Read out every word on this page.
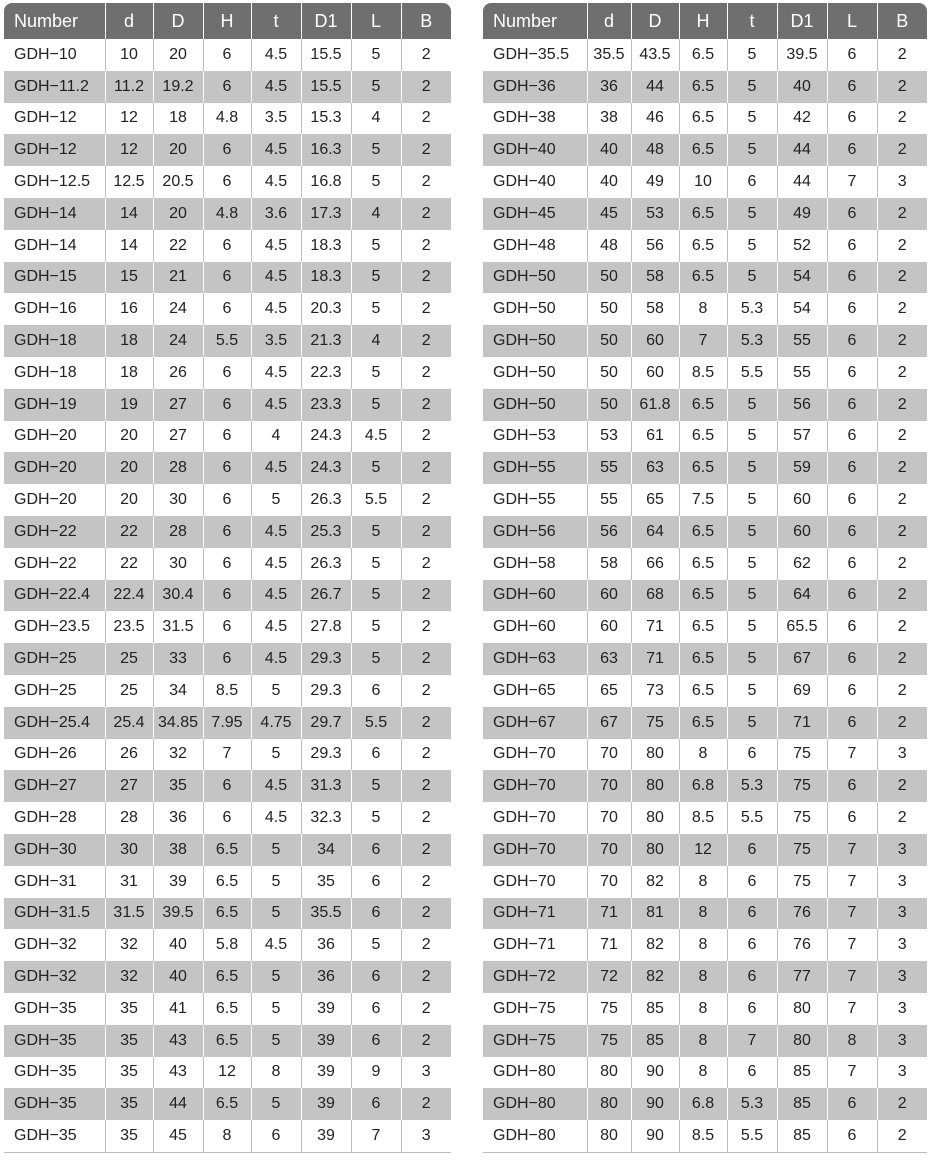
Number	d	D	H	t	D1	L	B
GDH−10	10	20	6	4.5	15.5	5	2
GDH−11.2	11.2	19.2	6	4.5	15.5	5	2
GDH−12	12	18	4.8	3.5	15.3	4	2
GDH−12	12	20	6	4.5	16.3	5	2
GDH−12.5	12.5	20.5	6	4.5	16.8	5	2
GDH−14	14	20	4.8	3.6	17.3	4	2
GDH−14	14	22	6	4.5	18.3	5	2
GDH−15	15	21	6	4.5	18.3	5	2
GDH−16	16	24	6	4.5	20.3	5	2
GDH−18	18	24	5.5	3.5	21.3	4	2
GDH−18	18	26	6	4.5	22.3	5	2
GDH−19	19	27	6	4.5	23.3	5	2
GDH−20	20	27	6	4	24.3	4.5	2
GDH−20	20	28	6	4.5	24.3	5	2
GDH−20	20	30	6	5	26.3	5.5	2
GDH−22	22	28	6	4.5	25.3	5	2
GDH−22	22	30	6	4.5	26.3	5	2
GDH−22.4	22.4	30.4	6	4.5	26.7	5	2
GDH−23.5	23.5	31.5	6	4.5	27.8	5	2
GDH−25	25	33	6	4.5	29.3	5	2
GDH−25	25	34	8.5	5	29.3	6	2
GDH−25.4	25.4	34.85	7.95	4.75	29.7	5.5	2
GDH−26	26	32	7	5	29.3	6	2
GDH−27	27	35	6	4.5	31.3	5	2
GDH−28	28	36	6	4.5	32.3	5	2
GDH−30	30	38	6.5	5	34	6	2
GDH−31	31	39	6.5	5	35	6	2
GDH−31.5	31.5	39.5	6.5	5	35.5	6	2
GDH−32	32	40	5.8	4.5	36	5	2
GDH−32	32	40	6.5	5	36	6	2
GDH−35	35	41	6.5	5	39	6	2
GDH−35	35	43	6.5	5	39	6	2
GDH−35	35	43	12	8	39	9	3
GDH−35	35	44	6.5	5	39	6	2
GDH−35	35	45	8	6	39	7	3
Number	d	D	H	t	D1	L	B
GDH−35.5	35.5	43.5	6.5	5	39.5	6	2
GDH−36	36	44	6.5	5	40	6	2
GDH−38	38	46	6.5	5	42	6	2
GDH−40	40	48	6.5	5	44	6	2
GDH−40	40	49	10	6	44	7	3
GDH−45	45	53	6.5	5	49	6	2
GDH−48	48	56	6.5	5	52	6	2
GDH−50	50	58	6.5	5	54	6	2
GDH−50	50	58	8	5.3	54	6	2
GDH−50	50	60	7	5.3	55	6	2
GDH−50	50	60	8.5	5.5	55	6	2
GDH−50	50	61.8	6.5	5	56	6	2
GDH−53	53	61	6.5	5	57	6	2
GDH−55	55	63	6.5	5	59	6	2
GDH−55	55	65	7.5	5	60	6	2
GDH−56	56	64	6.5	5	60	6	2
GDH−58	58	66	6.5	5	62	6	2
GDH−60	60	68	6.5	5	64	6	2
GDH−60	60	71	6.5	5	65.5	6	2
GDH−63	63	71	6.5	5	67	6	2
GDH−65	65	73	6.5	5	69	6	2
GDH−67	67	75	6.5	5	71	6	2
GDH−70	70	80	8	6	75	7	3
GDH−70	70	80	6.8	5.3	75	6	2
GDH−70	70	80	8.5	5.5	75	6	2
GDH−70	70	80	12	6	75	7	3
GDH−70	70	82	8	6	75	7	3
GDH−71	71	81	8	6	76	7	3
GDH−71	71	82	8	6	76	7	3
GDH−72	72	82	8	6	77	7	3
GDH−75	75	85	8	6	80	7	3
GDH−75	75	85	8	7	80	8	3
GDH−80	80	90	8	6	85	7	3
GDH−80	80	90	6.8	5.3	85	6	2
GDH−80	80	90	8.5	5.5	85	6	2
